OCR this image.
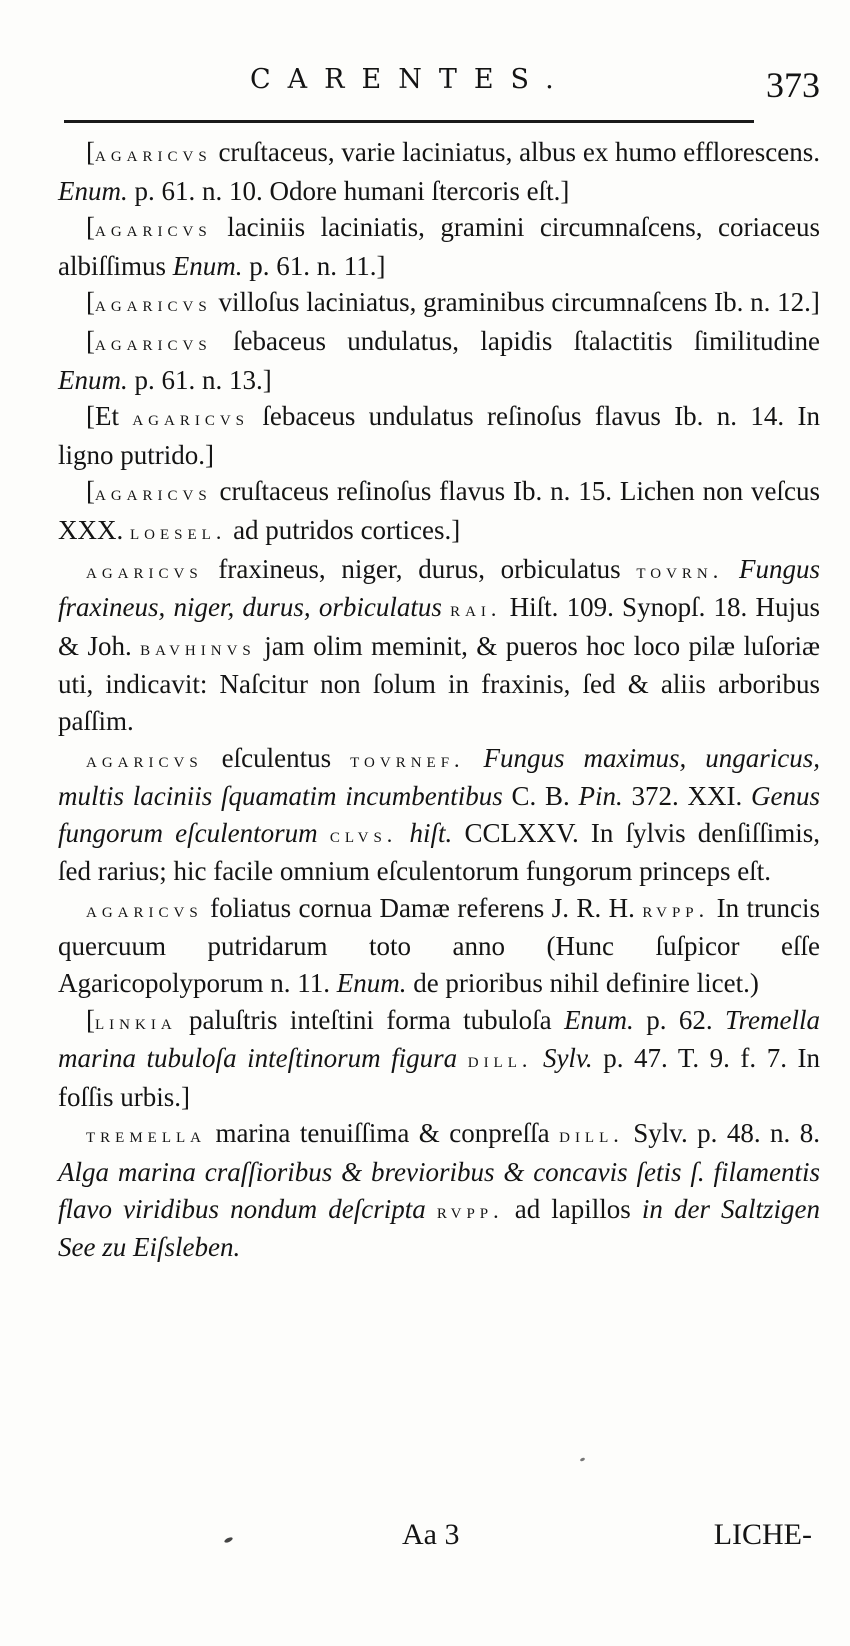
CARENTES.	373

[agaricvs cruſtaceus, varie laciniatus, albus ex humo efflorescens. Enum. p. 61. n. 10. Odore humani ſtercoris eſt.]

[agaricvs laciniis laciniatis, gramini circumnaſcens, coriaceus albiſſimus Enum. p. 61. n. 11.]

[agaricvs villoſus laciniatus, graminibus circumnaſcens Ib. n. 12.]

[agaricvs ſebaceus undulatus, lapidis ſtalactitis ſimilitudine Enum. p. 61. n. 13.]

[Et agaricvs ſebaceus undulatus reſinoſus flavus Ib. n. 14. In ligno putrido.]

[agaricvs cruſtaceus reſinoſus flavus Ib. n. 15. Lichen non veſcus XXX. loesel. ad putridos cortices.]

agaricvs fraxineus, niger, durus, orbiculatus tovrn. Fungus fraxineus, niger, durus, orbiculatus rai. Hiſt. 109. Synopſ. 18. Hujus & Joh. bavhinvs jam olim meminit, & pueros hoc loco pilæ luſoriæ uti, indicavit: Naſcitur non ſolum in fraxinis, ſed & aliis arboribus paſſim.

agaricvs eſculentus tovrnef. Fungus maximus, ungaricus, multis laciniis ſquamatim incumbentibus C. B. Pin. 372. XXI. Genus fungorum eſculentorum clvs. hiſt. CCLXXV. In ſylvis denſiſſimis, ſed rarius; hic facile omnium eſculentorum fungorum princeps eſt.

agaricvs foliatus cornua Damæ referens J. R. H. rvpp. In truncis quercuum putridarum toto anno (Hunc ſuſpicor eſſe Agaricopolyporum n. 11. Enum. de prioribus nihil definire licet.)

[linkia paluſtris inteſtini forma tubuloſa Enum. p. 62. Tremella marina tubuloſa inteſtinorum figura dill. Sylv. p. 47. T. 9. f. 7. In foſſis urbis.]

tremella marina tenuiſſima & conpreſſa dill. Sylv. p. 48. n. 8. Alga marina craſſioribus & brevioribus & concavis ſetis ſ. filamentis flavo viridibus nondum deſcripta rvpp. ad lapillos in der Saltzigen See zu Eiſsleben.

Aa 3	LICHE-
